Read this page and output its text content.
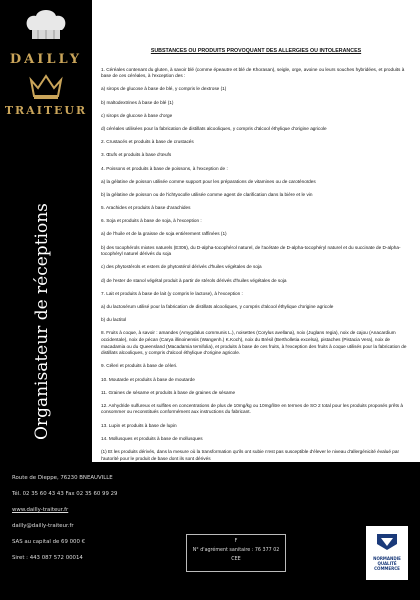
DAILLY
TRAITEUR
Organisateur de réceptions
SUBSTANCES OU PRODUITS PROVOQUANT DES ALLERGIES OU INTOLERANCES

1. Céréales contenant du gluten, à savoir blé (comme épeautre et blé de Khorasan), seigle, orge, avoine ou leurs souches hybridées, et produits à base de ces céréales, à l'exception des :

a) sirops de glucose à base de blé, y compris le dextrose (1)

b) maltodextrines à base de blé (1)

c) sirops de glucose à base d'orge

d) céréales utilisées pour la fabrication de distillats alcooliques, y compris d'alcool éthylique d'origine agricole

2. Crustacés et produits à base de crustacés

3. Œufs et produits à base d'œufs

4. Poissons et produits à base de poissons, à l'exception de :

a) la gélatine de poisson utilisée comme support pour les préparations de vitamines ou de caroténoïdes

b) la gélatine de poisson ou de l'ichtyocolle utilisée comme agent de clarification dans la bière et le vin

5. Arachides et produits à base d'arachides

6. Soja et produits à base de soja, à l'exception :

a) de l'huile et de la graisse de soja entièrement raffinées (1)

b) des tocophérols mixtes naturels (E306), du D-alpha-tocophérol naturel, de l'acétate de D-alpha-tocophéryl naturel et du succinate de D-alpha-tocophéryl naturel dérivés du soja

c) des phytostérols et esters de phytostérol dérivés d'huiles végétales de soja

d) de l'ester de stanol végétal produit à partir de stérols dérivés d'huiles végétales de soja

7. Lait et produits à base de lait (y compris le lactose), à l'exception :

a) du lactosérum utilisé pour la fabrication de distillats alcooliques, y compris d'alcool éthylique d'origine agricole

b) du lactitol

8. Fruits à coque, à savoir : amandes (Amygdalus communis L.), noisettes (Corylus avellana), noix (Juglans regia), noix de cajou (Anacardium occidentale), noix de pécan (Carya illinoinensis (Wangenh.) K.Koch), noix du Brésil (Bertholletia excelsa), pistaches (Pistacia Vera), noix de macadamia ou du Queensland (Macadamia ternifolia), et produits à base de ces fruits, à l'exception des fruits à coque utilisés pour la fabrication de distillats alcooliques, y compris d'alcool éthylique d'origine agricole.

9. Céleri et produits à base de céleri.

10. Moutarde et produits à base de moutarde

11. Graines de sésame et produits à base de graines de sésame

12. Anhydride sulfureux et sulfites en concentrations de plus de 10mg/kg ou 10mg/litre en termes de SO 2 total pour les produits proposés prêts à consommer ou reconstitués conformément aux instructions du fabricant.

13. Lupin et produits à base de lupin

14. Mollusques et produits à base de mollusques

(1) Et les produits dérivés, dans la mesure où la transformation qu'ils ont subie n'est pas susceptible d'élever le niveau d'allergénicité évalué par l'autorité pour le produit de base dont ils sont dérivés

Route de Dieppe, 76230 BNEAUVILLE
Tél. 02 35 60 43 43 Fax 02 35 60 99 29
www.dailly-traiteur.fr
dailly@dailly-traiteur.fr
SAS au capital de 69 000 €
Siret : 443 087 572 00014
F
N° d'agrément sanitaire : 76 377 02
CEE	NORMANDIE
QUALITÉ
COMMERCE
